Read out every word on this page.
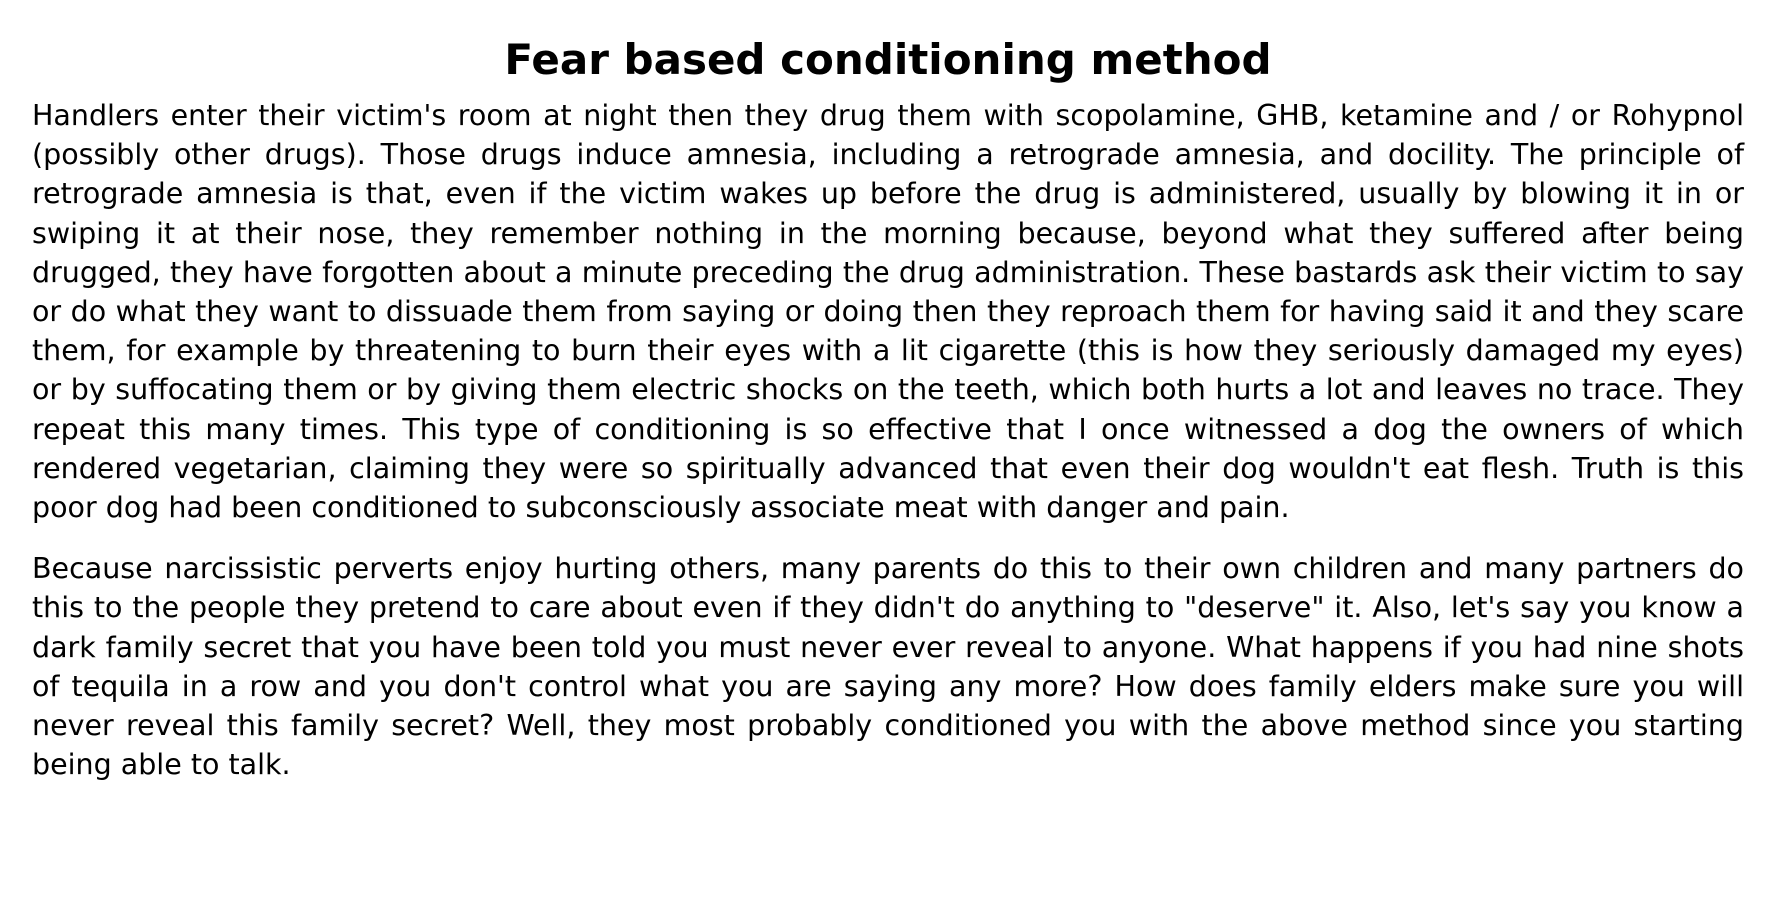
Fear based conditioning method

Handlers enter their victim's room at night then they drug them with scopolamine, GHB, ketamine and / or Rohypnol (possibly other drugs). Those drugs induce amnesia, including a retrograde amnesia, and docility. The principle of retrograde amnesia is that, even if the victim wakes up before the drug is administered, usually by blowing it in or swiping it at their nose, they remember nothing in the morning because, beyond what they suffered after being drugged, they have forgotten about a minute preceding the drug administration. These bastards ask their victim to say or do what they want to dissuade them from saying or doing then they reproach them for having said it and they scare them, for example by threatening to burn their eyes with a lit cigarette (this is how they seriously damaged my eyes) or by suffocating them or by giving them electric shocks on the teeth, which both hurts a lot and leaves no trace. They repeat this many times. This type of conditioning is so effective that I once witnessed a dog the owners of which rendered vegetarian, claiming they were so spiritually advanced that even their dog wouldn't eat flesh. Truth is this poor dog had been conditioned to subconsciously associate meat with danger and pain.

Because narcissistic perverts enjoy hurting others, many parents do this to their own children and many partners do this to the people they pretend to care about even if they didn't do anything to "deserve" it. Also, let's say you know a dark family secret that you have been told you must never ever reveal to anyone. What happens if you had nine shots of tequila in a row and you don't control what you are saying any more? How does family elders make sure you will never reveal this family secret? Well, they most probably conditioned you with the above method since you starting being able to talk.
